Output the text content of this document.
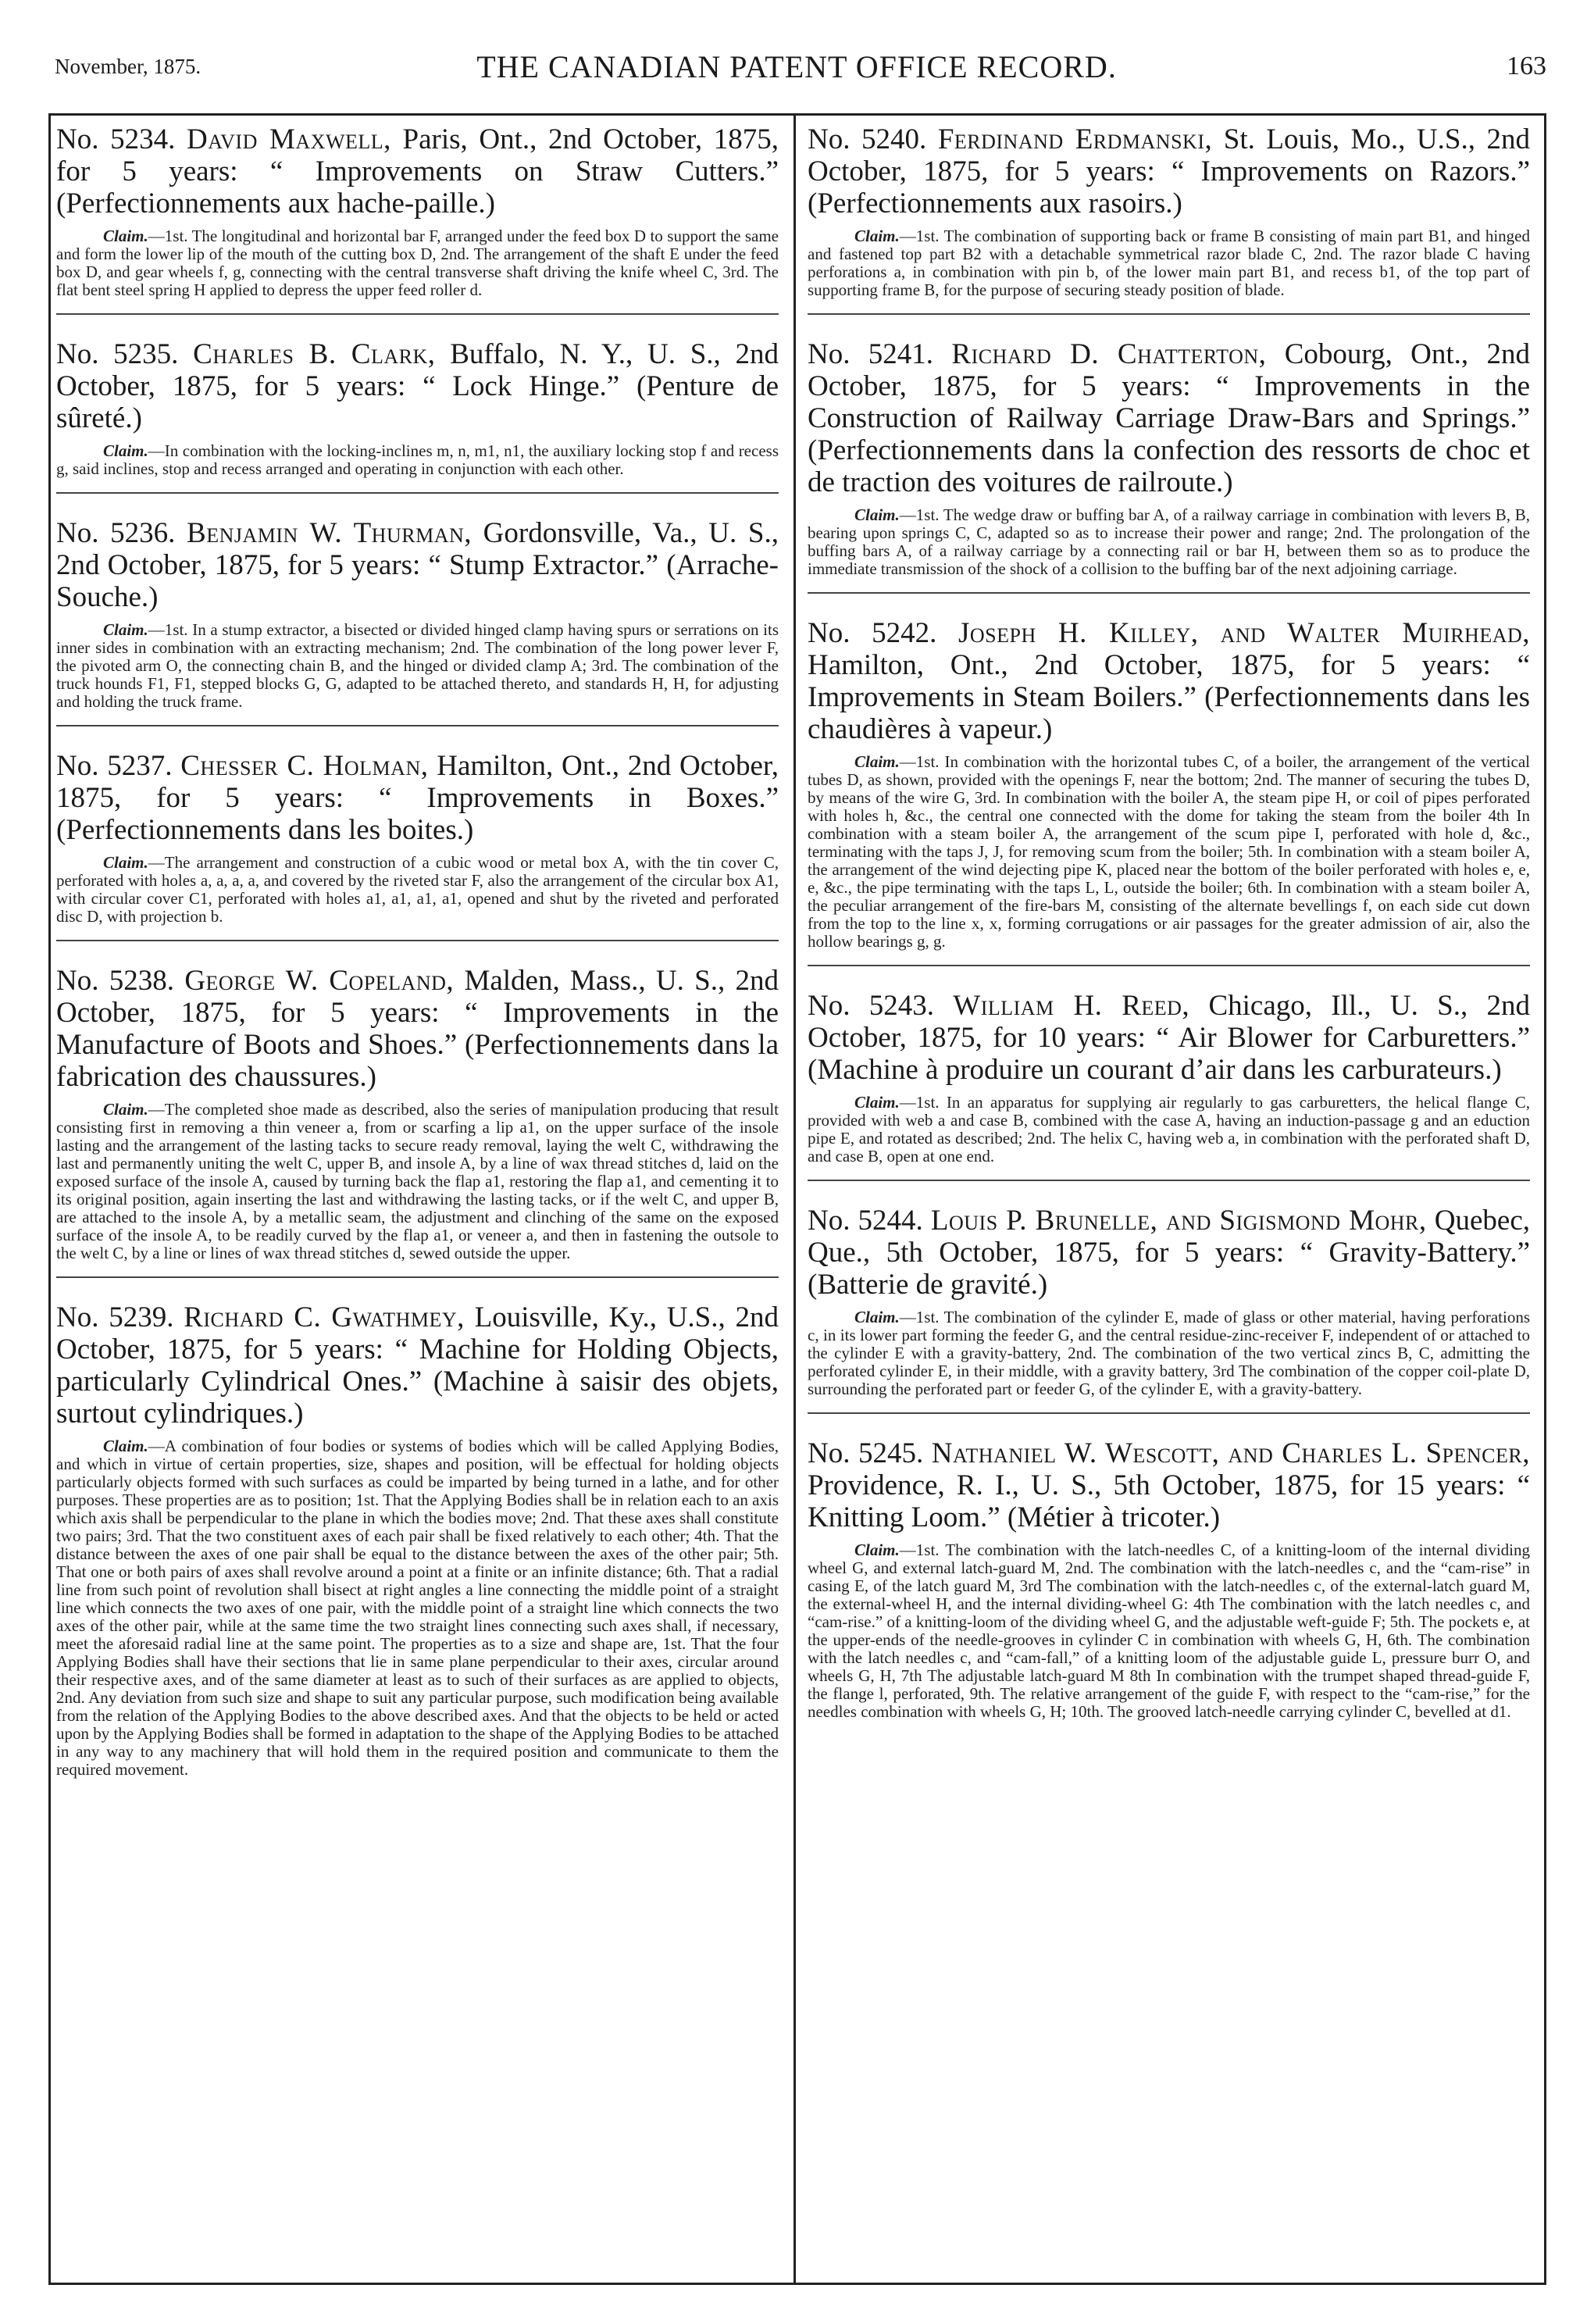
November, 1875.	THE CANADIAN PATENT OFFICE RECORD.	163

No. 5234. David Maxwell, Paris, Ont., 2nd October, 1875, for 5 years: “ Improvements on Straw Cutters.” (Perfectionnements aux hache-paille.)

Claim.—1st. The longitudinal and horizontal bar F, arranged under the feed box D to support the same and form the lower lip of the mouth of the cutting box D, 2nd. The arrangement of the shaft E under the feed box D, and gear wheels f, g, connecting with the central transverse shaft driving the knife wheel C, 3rd. The flat bent steel spring H applied to depress the upper feed roller d.

No. 5235. Charles B. Clark, Buffalo, N. Y., U. S., 2nd October, 1875, for 5 years: “ Lock Hinge.” (Penture de sûreté.)

Claim.—In combination with the locking-inclines m, n, m1, n1, the auxiliary locking stop f and recess g, said inclines, stop and recess arranged and operating in conjunction with each other.

No. 5236. Benjamin W. Thurman, Gordonsville, Va., U. S., 2nd October, 1875, for 5 years: “ Stump Extractor.” (Arrache-Souche.)

Claim.—1st. In a stump extractor, a bisected or divided hinged clamp having spurs or serrations on its inner sides in combination with an extracting mechanism; 2nd. The combination of the long power lever F, the pivoted arm O, the connecting chain B, and the hinged or divided clamp A; 3rd. The combination of the truck hounds F1, F1, stepped blocks G, G, adapted to be attached thereto, and standards H, H, for adjusting and holding the truck frame.

No. 5237. Chesser C. Holman, Hamilton, Ont., 2nd October, 1875, for 5 years: “ Improvements in Boxes.” (Perfectionnements dans les boites.)

Claim.—The arrangement and construction of a cubic wood or metal box A, with the tin cover C, perforated with holes a, a, a, a, and covered by the riveted star F, also the arrangement of the circular box A1, with circular cover C1, perforated with holes a1, a1, a1, a1, opened and shut by the riveted and perforated disc D, with projection b.

No. 5238. George W. Copeland, Malden, Mass., U. S., 2nd October, 1875, for 5 years: “ Improvements in the Manufacture of Boots and Shoes.” (Perfectionnements dans la fabrication des chaussures.)

Claim.—The completed shoe made as described, also the series of manipulation producing that result consisting first in removing a thin veneer a, from or scarfing a lip a1, on the upper surface of the insole lasting and the arrangement of the lasting tacks to secure ready removal, laying the welt C, withdrawing the last and permanently uniting the welt C, upper B, and insole A, by a line of wax thread stitches d, laid on the exposed surface of the insole A, caused by turning back the flap a1, restoring the flap a1, and cementing it to its original position, again inserting the last and withdrawing the lasting tacks, or if the welt C, and upper B, are attached to the insole A, by a metallic seam, the adjustment and clinching of the same on the exposed surface of the insole A, to be readily curved by the flap a1, or veneer a, and then in fastening the outsole to the welt C, by a line or lines of wax thread stitches d, sewed outside the upper.

No. 5239. Richard C. Gwathmey, Louisville, Ky., U.S., 2nd October, 1875, for 5 years: “ Machine for Holding Objects, particularly Cylindrical Ones.” (Machine à saisir des objets, surtout cylindriques.)

Claim.—A combination of four bodies or systems of bodies which will be called Applying Bodies, and which in virtue of certain properties, size, shapes and position, will be effectual for holding objects particularly objects formed with such surfaces as could be imparted by being turned in a lathe, and for other purposes. These properties are as to position; 1st. That the Applying Bodies shall be in relation each to an axis which axis shall be perpendicular to the plane in which the bodies move; 2nd. That these axes shall constitute two pairs; 3rd. That the two constituent axes of each pair shall be fixed relatively to each other; 4th. That the distance between the axes of one pair shall be equal to the distance between the axes of the other pair; 5th. That one or both pairs of axes shall revolve around a point at a finite or an infinite distance; 6th. That a radial line from such point of revolution shall bisect at right angles a line connecting the middle point of a straight line which connects the two axes of one pair, with the middle point of a straight line which connects the two axes of the other pair, while at the same time the two straight lines connecting such axes shall, if necessary, meet the aforesaid radial line at the same point. The properties as to a size and shape are, 1st. That the four Applying Bodies shall have their sections that lie in same plane perpendicular to their axes, circular around their respective axes, and of the same diameter at least as to such of their surfaces as are applied to objects, 2nd. Any deviation from such size and shape to suit any particular purpose, such modification being available from the relation of the Applying Bodies to the above described axes. And that the objects to be held or acted upon by the Applying Bodies shall be formed in adaptation to the shape of the Applying Bodies to be attached in any way to any machinery that will hold them in the required position and communicate to them the required movement.

No. 5240. Ferdinand Erdmanski, St. Louis, Mo., U.S., 2nd October, 1875, for 5 years: “ Improvements on Razors.” (Perfectionnements aux rasoirs.)

Claim.—1st. The combination of supporting back or frame B consisting of main part B1, and hinged and fastened top part B2 with a detachable symmetrical razor blade C, 2nd. The razor blade C having perforations a, in combination with pin b, of the lower main part B1, and recess b1, of the top part of supporting frame B, for the purpose of securing steady position of blade.

No. 5241. Richard D. Chatterton, Cobourg, Ont., 2nd October, 1875, for 5 years: “ Improvements in the Construction of Railway Carriage Draw-Bars and Springs.” (Perfectionnements dans la confection des ressorts de choc et de traction des voitures de railroute.)

Claim.—1st. The wedge draw or buffing bar A, of a railway carriage in combination with levers B, B, bearing upon springs C, C, adapted so as to increase their power and range; 2nd. The prolongation of the buffing bars A, of a railway carriage by a connecting rail or bar H, between them so as to produce the immediate transmission of the shock of a collision to the buffing bar of the next adjoining carriage.

No. 5242. Joseph H. Killey, and Walter Muirhead, Hamilton, Ont., 2nd October, 1875, for 5 years: “ Improvements in Steam Boilers.” (Perfectionnements dans les chaudières à vapeur.)

Claim.—1st. In combination with the horizontal tubes C, of a boiler, the arrangement of the vertical tubes D, as shown, provided with the openings F, near the bottom; 2nd. The manner of securing the tubes D, by means of the wire G, 3rd. In combination with the boiler A, the steam pipe H, or coil of pipes perforated with holes h, &c., the central one connected with the dome for taking the steam from the boiler 4th In combination with a steam boiler A, the arrangement of the scum pipe I, perforated with hole d, &c., terminating with the taps J, J, for removing scum from the boiler; 5th. In combination with a steam boiler A, the arrangement of the wind dejecting pipe K, placed near the bottom of the boiler perforated with holes e, e, e, &c., the pipe terminating with the taps L, L, outside the boiler; 6th. In combination with a steam boiler A, the peculiar arrangement of the fire-bars M, consisting of the alternate bevellings f, on each side cut down from the top to the line x, x, forming corrugations or air passages for the greater admission of air, also the hollow bearings g, g.

No. 5243. William H. Reed, Chicago, Ill., U. S., 2nd October, 1875, for 10 years: “ Air Blower for Carburetters.” (Machine à produire un courant d’air dans les carburateurs.)

Claim.—1st. In an apparatus for supplying air regularly to gas carburetters, the helical flange C, provided with web a and case B, combined with the case A, having an induction-passage g and an eduction pipe E, and rotated as described; 2nd. The helix C, having web a, in combination with the perforated shaft D, and case B, open at one end.

No. 5244. Louis P. Brunelle, and Sigismond Mohr, Quebec, Que., 5th October, 1875, for 5 years: “ Gravity-Battery.” (Batterie de gravité.)

Claim.—1st. The combination of the cylinder E, made of glass or other material, having perforations c, in its lower part forming the feeder G, and the central residue-zinc-receiver F, independent of or attached to the cylinder E with a gravity-battery, 2nd. The combination of the two vertical zincs B, C, admitting the perforated cylinder E, in their middle, with a gravity battery, 3rd The combination of the copper coil-plate D, surrounding the perforated part or feeder G, of the cylinder E, with a gravity-battery.

No. 5245. Nathaniel W. Wescott, and Charles L. Spencer, Providence, R. I., U. S., 5th October, 1875, for 15 years: “ Knitting Loom.” (Métier à tricoter.)

Claim.—1st. The combination with the latch-needles C, of a knitting-loom of the internal dividing wheel G, and external latch-guard M, 2nd. The combination with the latch-needles c, and the “cam-rise” in casing E, of the latch guard M, 3rd The combination with the latch-needles c, of the external-latch guard M, the external-wheel H, and the internal dividing-wheel G: 4th The combination with the latch needles c, and “cam-rise.” of a knitting-loom of the dividing wheel G, and the adjustable weft-guide F; 5th. The pockets e, at the upper-ends of the needle-grooves in cylinder C in combination with wheels G, H, 6th. The combination with the latch needles c, and “cam-fall,” of a knitting loom of the adjustable guide L, pressure burr O, and wheels G, H, 7th The adjustable latch-guard M 8th In combination with the trumpet shaped thread-guide F, the flange l, perforated, 9th. The relative arrangement of the guide F, with respect to the “cam-rise,” for the needles combination with wheels G, H; 10th. The grooved latch-needle carrying cylinder C, bevelled at d1.
